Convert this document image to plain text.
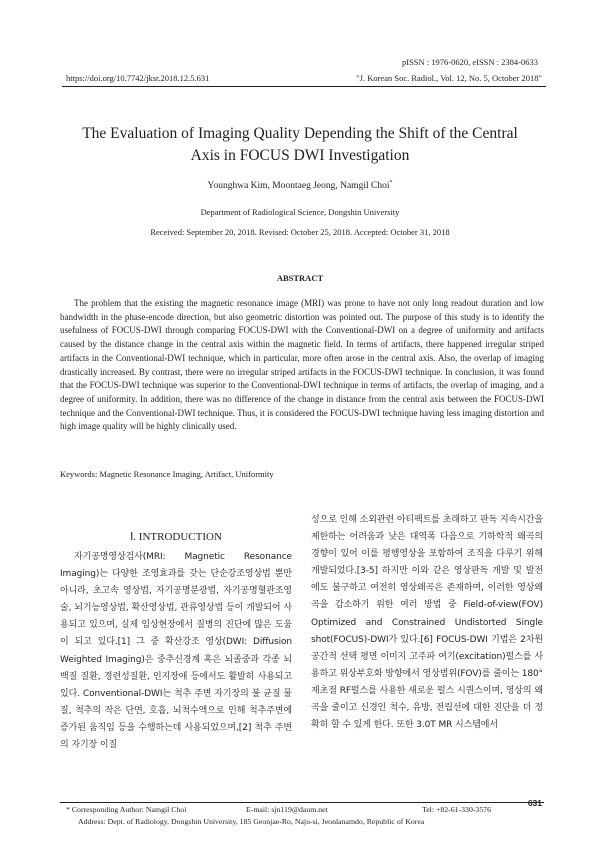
pISSN : 1976-0620, eISSN : 2384-0633
https://doi.org/10.7742/jksr.2018.12.5.631	"J. Korean Soc. Radiol., Vol. 12, No. 5, October 2018"
The Evaluation of Imaging Quality Depending the Shift of the Central
Axis in FOCUS DWI Investigation
Younghwa Kim, Moontaeg Jeong, Namgil Choi*
Department of Radiological Science, Dongshin University
Received: September 20, 2018. Revised: October 25, 2018. Accepted: October 31, 2018
ABSTRACT
The problem that the existing the magnetic resonance image (MRI) was prone to have not only long readout duration and low bandwidth in the phase-encode direction, but also geometric distortion was pointed out. The purpose of this study is to identify the usefulness of FOCUS-DWI through comparing FOCUS-DWI with the Conventional-DWI on a degree of uniformity and artifacts caused by the distance change in the central axis within the magnetic field. In terms of artifacts, there happened irregular striped artifacts in the Conventional-DWI technique, which in particular, more often arose in the central axis. Also, the overlap of imaging drastically increased. By contrast, there were no irregular striped artifacts in the FOCUS-DWI technique. In conclusion, it was found that the FOCUS-DWI technique was superior to the Conventional-DWI technique in terms of artifacts, the overlap of imaging, and a degree of uniformity. In addition, there was no difference of the change in distance from the central axis between the FOCUS-DWI technique and the Conventional-DWI technique. Thus, it is considered the FOCUS-DWI technique having less imaging distortion and high image quality will be highly clinically used.
Keywords: Magnetic Resonance Imaging, Artifact, Uniformity
Ⅰ. INTRODUCTION
자기공명영상검사(MRI: Magnetic Resonance Imaging)는 다양한 조영효과를 갖는 단순강조영상법 뿐만 아니라, 초고속 영상법, 자기공명분광법, 자기공명혈관조영술, 뇌기능영상법, 확산영상법, 관류영상법 등이 개발되어 사용되고 있으며, 실제 임상현장에서 질병의 진단에 많은 도움이 되고 있다.[1] 그 중 확산강조 영상(DWI: Diffusion Weighted Imaging)은 중추신경계 혹은 뇌졸중과 각종 뇌 백질 질환, 경련성질환, 인지장애 등에서도 활발히 사용되고 있다. Conventional-DWI는 척추 주변 자기장의 불 균질 물질, 척추의 작은 단면, 호흡, 뇌척수액으로 인해 척추주변에 증가된 움직임 등을 수행하는데 사용되었으며,[2] 척추 주변의 자기장 이질
성으로 인해 소외관련 아티팩트를 초래하고 판독 지속시간을 제한하는 어려움과 낮은 대역폭 다음으로 기하학적 왜곡의 경향이 있어 이를 평행영상을 포함하여 조직을 다루기 위해 개발되었다.[3-5] 하지만 이와 같은 영상판독 개발 및 발전에도 불구하고 여전히 영상왜곡은 존재하며, 이러한 영상왜곡을 감소하기 위한 여러 방법 중 Field-of-view(FOV) Optimized and Constrained Undistorted Single shot(FOCUS)-DWI가 있다.[6] FOCUS-DWI 기법은 2차원 공간적 선택 평면 이미지 고주파 여기(excitation)펄스를 사용하고 위상부호화 방향에서 영상범위(FOV)를 줄이는 180° 재초점 RF펄스를 사용한 새로운 펄스 시퀀스이며, 영상의 왜곡을 줄이고 신경인 척수, 유방, 전립선에 대한 진단을 더 정확히 할 수 있게 한다. 또한 3.0T MR 시스템에서
631
* Corresponding Author: Namgil Choi	E-mail: sjn119@daum.net	Tel: +82-61-330-3576
Address: Dept. of Radiology, Dongshin University, 185 Geonjae-Ro, Naju-si, Jeonlanamdo, Republic of Korea
